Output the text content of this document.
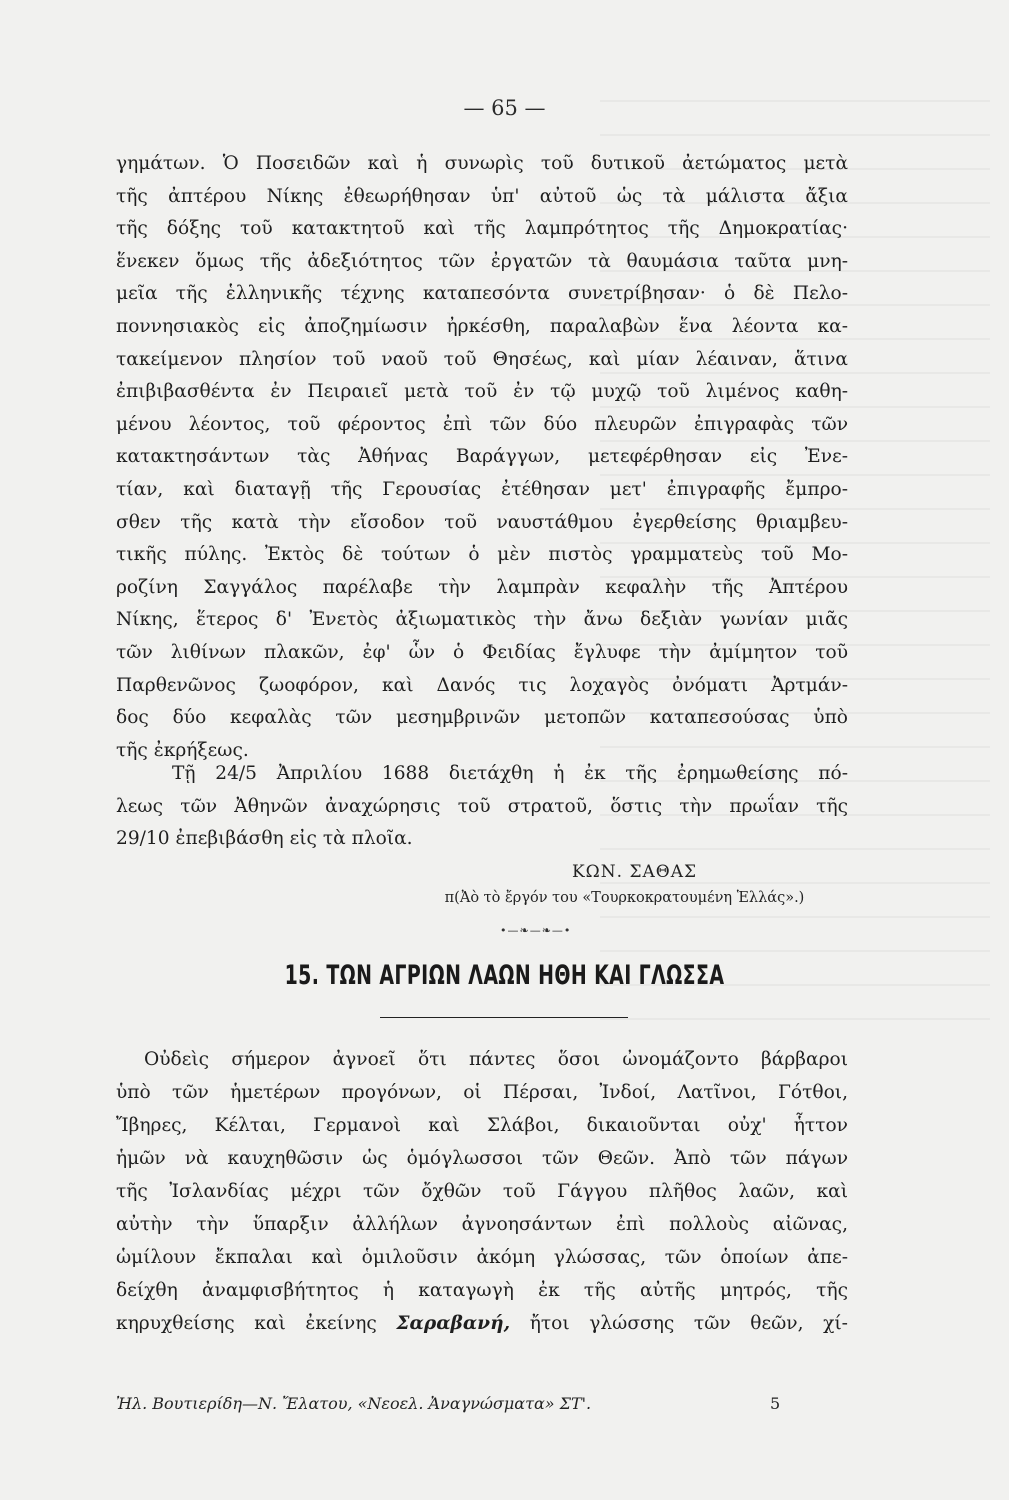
— 65 —
γημάτων. Ὁ Ποσειδῶν καὶ ἡ συνωρὶς τοῦ δυτικοῦ ἀετώματος μετὰ
τῆς ἀπτέρου Νίκης ἐθεωρήθησαν ὑπ' αὐτοῦ ὡς τὰ μάλιστα ἄξια
τῆς δόξης τοῦ κατακτητοῦ καὶ τῆς λαμπρότητος τῆς Δημοκρατίας·
ἕνεκεν ὅμως τῆς ἀδεξιότητος τῶν ἐργατῶν τὰ θαυμάσια ταῦτα μνη-
μεῖα τῆς ἑλληνικῆς τέχνης καταπεσόντα συνετρίβησαν· ὁ δὲ Πελο-
ποννησιακὸς εἰς ἀποζημίωσιν ἠρκέσθη, παραλαβὼν ἕνα λέοντα κα-
τακείμενον πλησίον τοῦ ναοῦ τοῦ Θησέως, καὶ μίαν λέαιναν, ἅτινα
ἐπιβιβασθέντα ἐν Πειραιεῖ μετὰ τοῦ ἐν τῷ μυχῷ τοῦ λιμένος καθη-
μένου λέοντος, τοῦ φέροντος ἐπὶ τῶν δύο πλευρῶν ἐπιγραφὰς τῶν
κατακτησάντων τὰς Ἀθήνας Βαράγγων, μετεφέρθησαν εἰς Ἐνε-
τίαν, καὶ διαταγῇ τῆς Γερουσίας ἐτέθησαν μετ' ἐπιγραφῆς ἔμπρο-
σθεν τῆς κατὰ τὴν εἴσοδον τοῦ ναυστάθμου ἐγερθείσης θριαμβευ-
τικῆς πύλης. Ἐκτὸς δὲ τούτων ὁ μὲν πιστὸς γραμματεὺς τοῦ Μο-
ροζίνη Σαγγάλος παρέλαβε τὴν λαμπρὰν κεφαλὴν τῆς Ἀπτέρου
Νίκης, ἕτερος δ' Ἐνετὸς ἀξιωματικὸς τὴν ἄνω δεξιὰν γωνίαν μιᾶς
τῶν λιθίνων πλακῶν, ἐφ' ὧν ὁ Φειδίας ἔγλυφε τὴν ἀμίμητον τοῦ
Παρθενῶνος ζωοφόρον, καὶ Δανός τις λοχαγὸς ὀνόματι Ἀρτμάν-
δος δύο κεφαλὰς τῶν μεσημβρινῶν μετοπῶν καταπεσούσας ὑπὸ
τῆς ἐκρήξεως.
Τῇ 24/5 Ἀπριλίου 1688 διετάχθη ἡ ἐκ τῆς ἐρημωθείσης πό-
λεως τῶν Ἀθηνῶν ἀναχώρησις τοῦ στρατοῦ, ὅστις τὴν πρωΐαν τῆς
29/10 ἐπεβιβάσθη εἰς τὰ πλοῖα.
ΚΩΝ. ΣΑΘΑΣ
π(Ἀὸ τὸ ἔργόν του «Τουρκοκρατουμένη Ἑλλάς».)
•—❧—❧—•
15. ΤΩΝ ΑΓΡΙΩΝ ΛΑΩΝ ΗΘΗ ΚΑΙ ΓΛΩΣΣΑ
Οὐδεὶς σήμερον ἀγνοεῖ ὅτι πάντες ὅσοι ὠνομάζοντο βάρβαροι
ὑπὸ τῶν ἡμετέρων προγόνων, οἱ Πέρσαι, Ἰνδοί, Λατῖνοι, Γότθοι,
Ἴβηρες, Κέλται, Γερμανοὶ καὶ Σλάβοι, δικαιοῦνται οὐχ' ἧττον
ἡμῶν νὰ καυχηθῶσιν ὡς ὁμόγλωσσοι τῶν Θεῶν. Ἀπὸ τῶν πάγων
τῆς Ἰσλανδίας μέχρι τῶν ὄχθῶν τοῦ Γάγγου πλῆθος λαῶν, καὶ
αὐτὴν τὴν ὕπαρξιν ἀλλήλων ἀγνοησάντων ἐπὶ πολλοὺς αἰῶνας,
ὡμίλουν ἔκπαλαι καὶ ὁμιλοῦσιν ἀκόμη γλώσσας, τῶν ὁποίων ἀπε-
δείχθη ἀναμφισβήτητος ἡ καταγωγὴ ἐκ τῆς αὐτῆς μητρός, τῆς
κηρυχθείσης καὶ ἐκείνης Σαραβανή, ἤτοι γλώσσης τῶν θεῶν, χί-
Ἠλ. Βουτιερίδη—Ν. Ἔλατου, «Νεοελ. Ἀναγνώσματα» ΣΤ'.	5
